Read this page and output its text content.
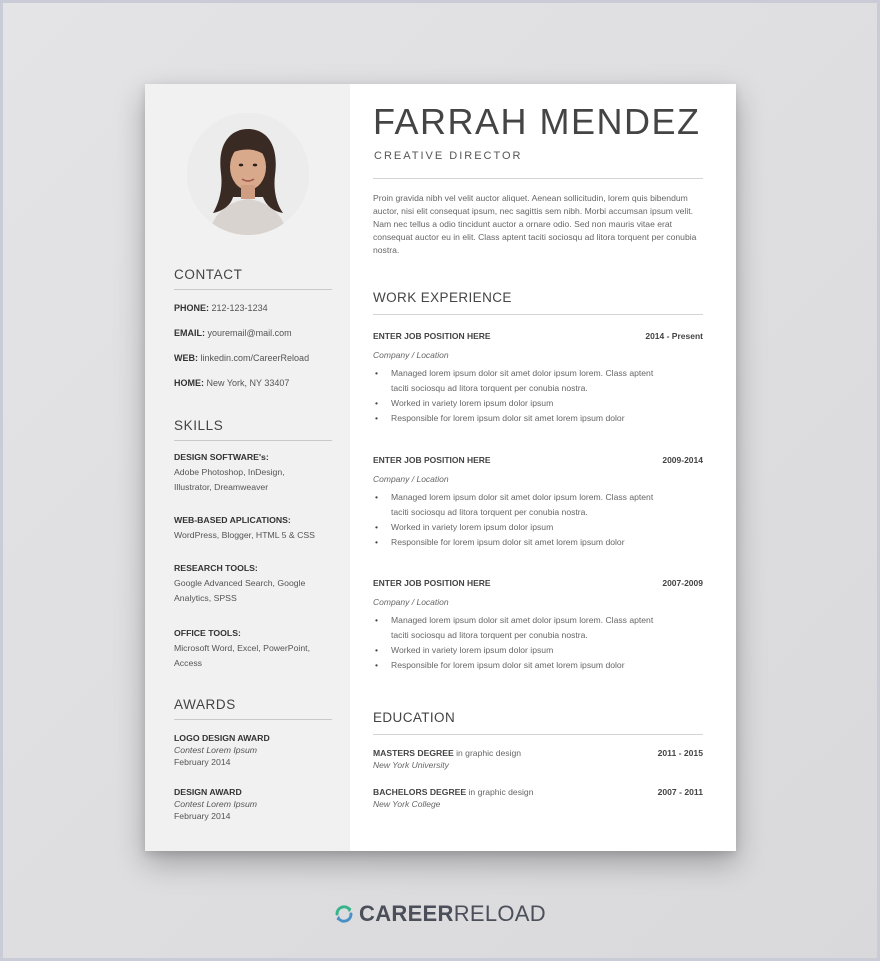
CONTACT
PHONE: 212-123-1234
EMAIL: youremail@mail.com
WEB: linkedin.com/CareerReload
HOME: New York, NY 33407
SKILLS
DESIGN SOFTWARE's:
Adobe Photoshop, InDesign,
Illustrator, Dreamweaver
WEB-BASED APLICATIONS:
WordPress, Blogger, HTML 5 & CSS
RESEARCH TOOLS:
Google Advanced Search, Google
Analytics, SPSS
OFFICE TOOLS:
Microsoft Word, Excel, PowerPoint,
Access
AWARDS
LOGO DESIGN AWARD
Contest Lorem Ipsum
February 2014
DESIGN AWARD
Contest Lorem Ipsum
February 2014
FARRAH MENDEZ
CREATIVE DIRECTOR
Proin gravida nibh vel velit auctor aliquet. Aenean sollicitudin, lorem quis bibendum auctor, nisi elit consequat ipsum, nec sagittis sem nibh. Morbi accumsan ipsum velit. Nam nec tellus a odio tincidunt auctor a ornare odio. Sed non mauris vitae erat consequat auctor eu in elit. Class aptent taciti sociosqu ad litora torquent per conubia nostra.
WORK EXPERIENCE
ENTER JOB POSITION HERE	2014 - Present
Company / Location
• Managed lorem ipsum dolor sit amet dolor ipsum lorem. Class aptent
taciti sociosqu ad litora torquent per conubia nostra.
• Worked in variety lorem ipsum dolor ipsum
• Responsible for lorem ipsum dolor sit amet lorem ipsum dolor
ENTER JOB POSITION HERE	2009-2014
Company / Location
• Managed lorem ipsum dolor sit amet dolor ipsum lorem. Class aptent
taciti sociosqu ad litora torquent per conubia nostra.
• Worked in variety lorem ipsum dolor ipsum
• Responsible for lorem ipsum dolor sit amet lorem ipsum dolor
ENTER JOB POSITION HERE	2007-2009
Company / Location
• Managed lorem ipsum dolor sit amet dolor ipsum lorem. Class aptent
taciti sociosqu ad litora torquent per conubia nostra.
• Worked in variety lorem ipsum dolor ipsum
• Responsible for lorem ipsum dolor sit amet lorem ipsum dolor
EDUCATION
MASTERS DEGREE in graphic design	2011 - 2015
New York University
BACHELORS DEGREE in graphic design	2007 - 2011
New York College
CAREERRELOAD
